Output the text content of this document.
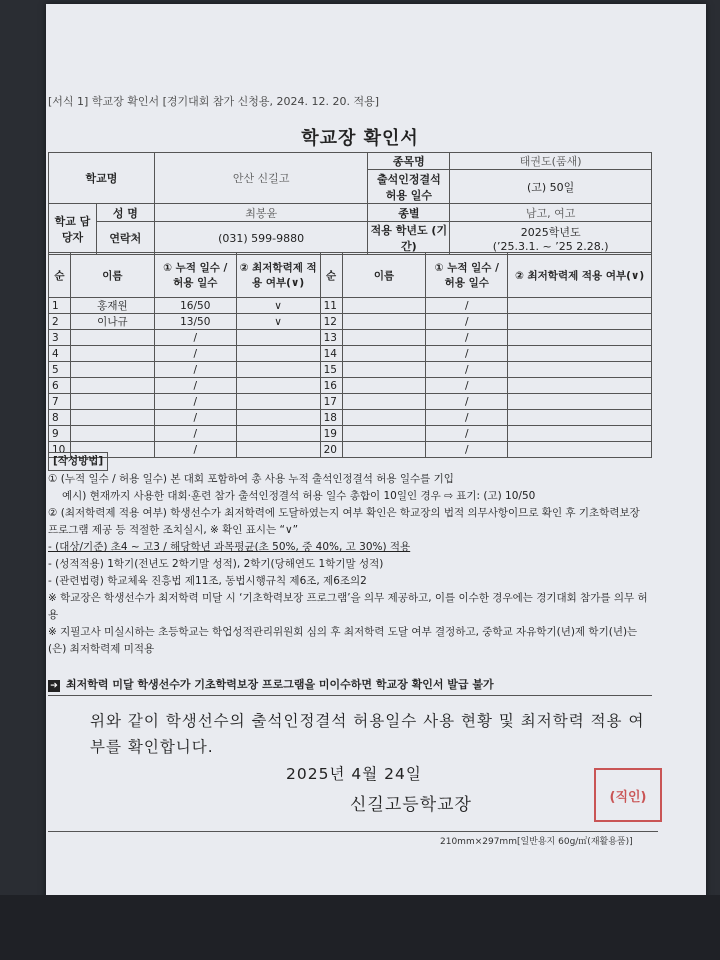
[서식 1] 학교장 확인서 [경기대회 참가 신청용, 2024. 12. 20. 적용]
학교장 확인서
학교명		안산 신길고	종목명	태권도(품새)
			출석인정결석 허용 일수	(고) 50일
학교 담당자	성 명	최봉윤	종별	남고, 여고
	연락처	(031) 599-9880	적용 학년도 (기간)	2025학년도
(’25.3.1. ~ ’25 2.28.)
순	이름	① 누적 일수 / 허용 일수	② 최저학력제 적용 여부(∨)	순	이름	① 누적 일수 / 허용 일수	② 최저학력제 적용 여부(∨)
1	홍재원	16/50	∨	11		/	
2	이나규	13/50	∨	12		/	
3		/		13		/	
4		/		14		/	
5		/		15		/	
6		/		16		/	
7		/		17		/	
8		/		18		/	
9		/		19		/	
10		/		20		/	
[작성방법]
① (누적 일수 / 허용 일수) 본 대회 포함하여 총 사용 누적 출석인정결석 허용 일수를 기입
예시) 현재까지 사용한 대회·훈련 참가 출석인정결석 허용 일수 총합이 10일인 경우 ⇨ 표기: (고) 10/50
② (최저학력제 적용 여부) 학생선수가 최저학력에 도달하였는지 여부 확인은 학교장의 법적 의무사항이므로 확인 후 기초학력보장 프로그램 제공 등 적절한 조치실시, ※ 확인 표시는 “∨”
- (대상/기준) 초4 ~ 고3 / 해당학년 과목평균(초 50%, 중 40%, 고 30%) 적용
- (성적적용) 1학기(전년도 2학기말 성적), 2학기(당해연도 1학기말 성적)
- (관련법령) 학교체육 진흥법 제11조, 동법시행규칙 제6조, 제6조의2
※ 학교장은 학생선수가 최저학력 미달 시 ‘기초학력보장 프로그램’을 의무 제공하고, 이를 이수한 경우에는 경기대회 참가를 의무 허용
※ 지필고사 미실시하는 초등학교는 학업성적관리위원회 심의 후 최저학력 도달 여부 결정하고, 중학교 자유학기(년)제 학기(년)는(은) 최저학력제 미적용
➔ 최저학력 미달 학생선수가 기초학력보장 프로그램을 미이수하면 학교장 확인서 발급 불가
위와 같이 학생선수의 출석인정결석 허용일수 사용 현황 및 최저학력 적용 여부를 확인합니다.
2025년 4월 24일
신길고등학교장
	(직인)
210mm×297mm[일반용지 60g/㎡(재활용품)]
